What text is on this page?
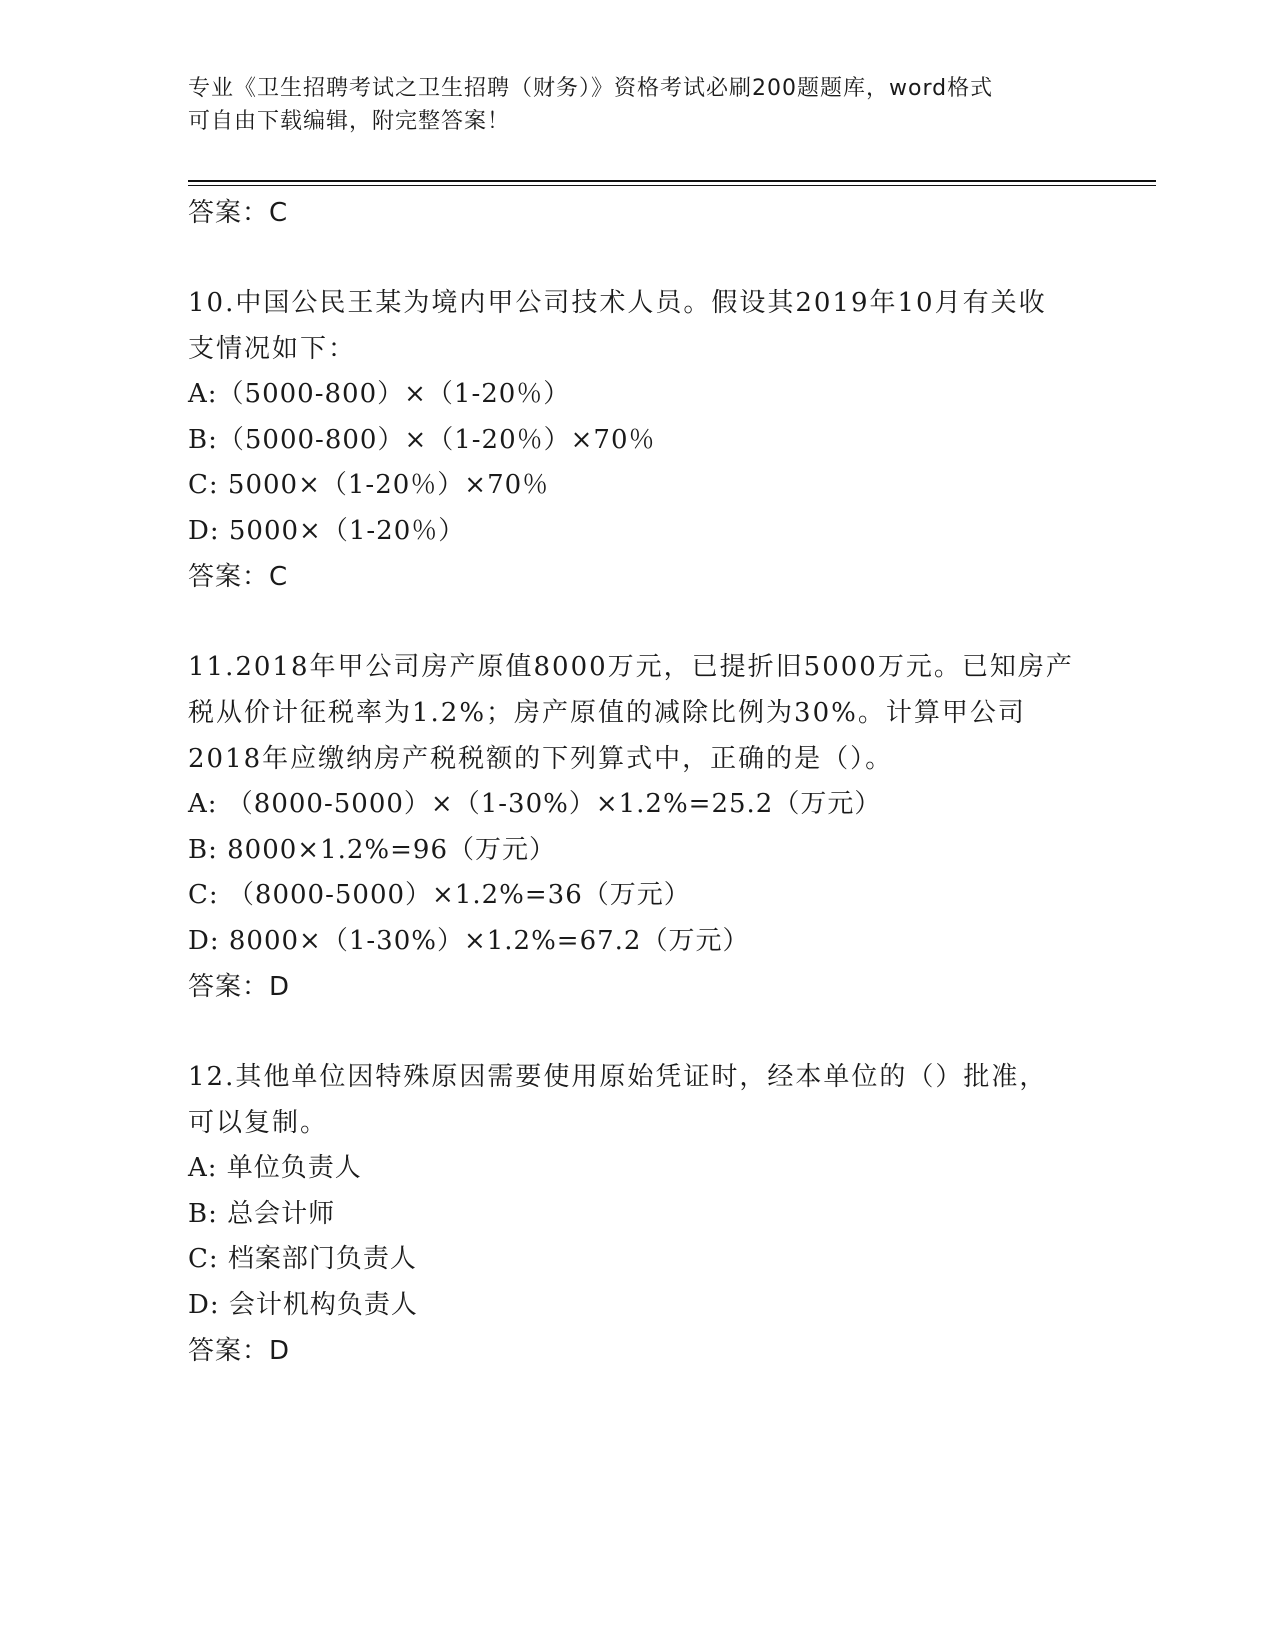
专业《卫生招聘考试之卫生招聘（财务）》资格考试必刷200题题库，word格式
可自由下载编辑，附完整答案！

答案：C

10.中国公民王某为境内甲公司技术人员。假设其2019年10月有关收

支情况如下：

A:（5000-800）×（1-20％）

B:（5000-800）×（1-20％）×70％

C: 5000×（1-20％）×70％

D: 5000×（1-20％）

答案：C

11.2018年甲公司房产原值8000万元，已提折旧5000万元。已知房产

税从价计征税率为1.2%；房产原值的减除比例为30%。计算甲公司

2018年应缴纳房产税税额的下列算式中，正确的是（）。

A: （8000-5000）×（1-30%）×1.2%=25.2（万元）

B: 8000×1.2%=96（万元）

C: （8000-5000）×1.2%=36（万元）

D: 8000×（1-30%）×1.2%=67.2（万元）

答案：D

12.其他单位因特殊原因需要使用原始凭证时，经本单位的（）批准，

可以复制。

A: 单位负责人

B: 总会计师

C: 档案部门负责人

D: 会计机构负责人

答案：D
